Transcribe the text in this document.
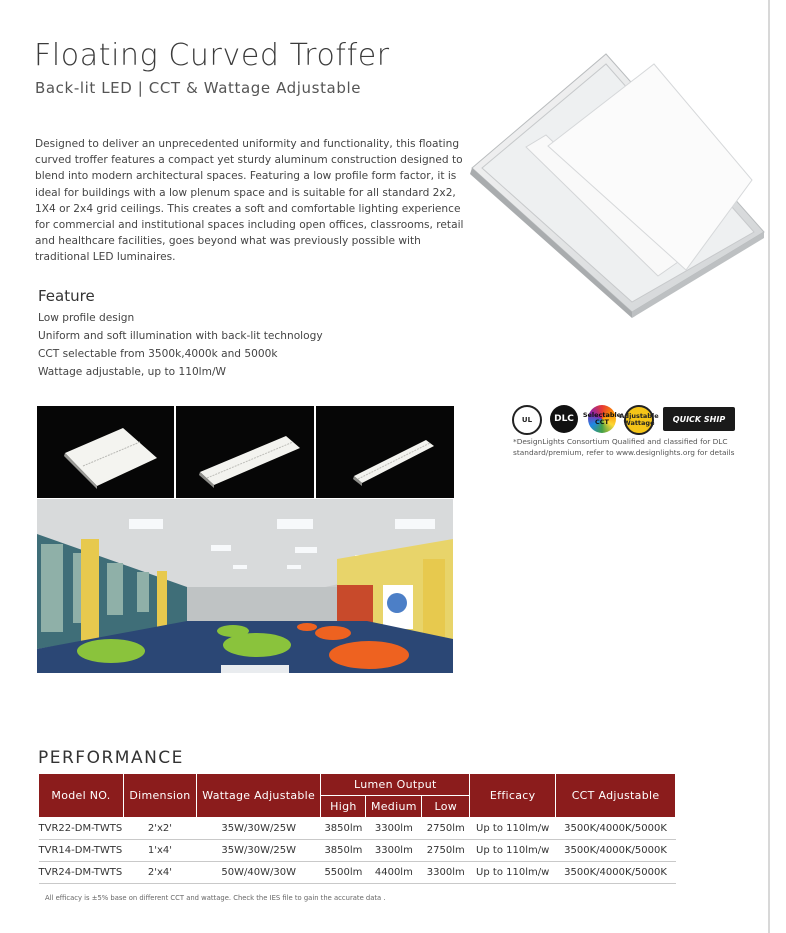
Floating Curved Troffer
Back-lit LED | CCT & Wattage Adjustable
Designed to deliver an unprecedented uniformity and functionality, this floating curved troffer features a compact yet sturdy aluminum construction designed to blend into modern architectural spaces. Featuring a low profile form factor, it is ideal for buildings with a low plenum space and is suitable for all standard 2x2, 1X4 or 2x4 grid ceilings. This creates a soft and comfortable lighting experience for commercial and institutional spaces including open offices, classrooms, retail and healthcare facilities, goes beyond what was previously possible with traditional LED luminaires.
Feature
Low profile design
Uniform and soft illumination with back-lit technology
CCT selectable from 3500k,4000k and 5000k
Wattage adjustable, up to 110lm/W
UL	DLC	Selectable CCT
Adjustable Wattage	QUICK SHIP
*DesignLights Consortium Qualified and classified for DLC standard/premium, refer to www.designlights.org for details
PERFORMANCE
Model NO.	Dimension	Wattage Adjustable	Lumen Output			Efficacy	CCT Adjustable
			High	Medium	Low		
TVR22-DM-TWTS	2'x2'	35W/30W/25W	3850lm	3300lm	2750lm	Up to 110lm/w	3500K/4000K/5000K
TVR14-DM-TWTS	1'x4'	35W/30W/25W	3850lm	3300lm	2750lm	Up to 110lm/w	3500K/4000K/5000K
TVR24-DM-TWTS	2'x4'	50W/40W/30W	5500lm	4400lm	3300lm	Up to 110lm/w	3500K/4000K/5000K
All efficacy is ±5% base on different CCT and wattage. Check the IES file to gain the accurate data .
